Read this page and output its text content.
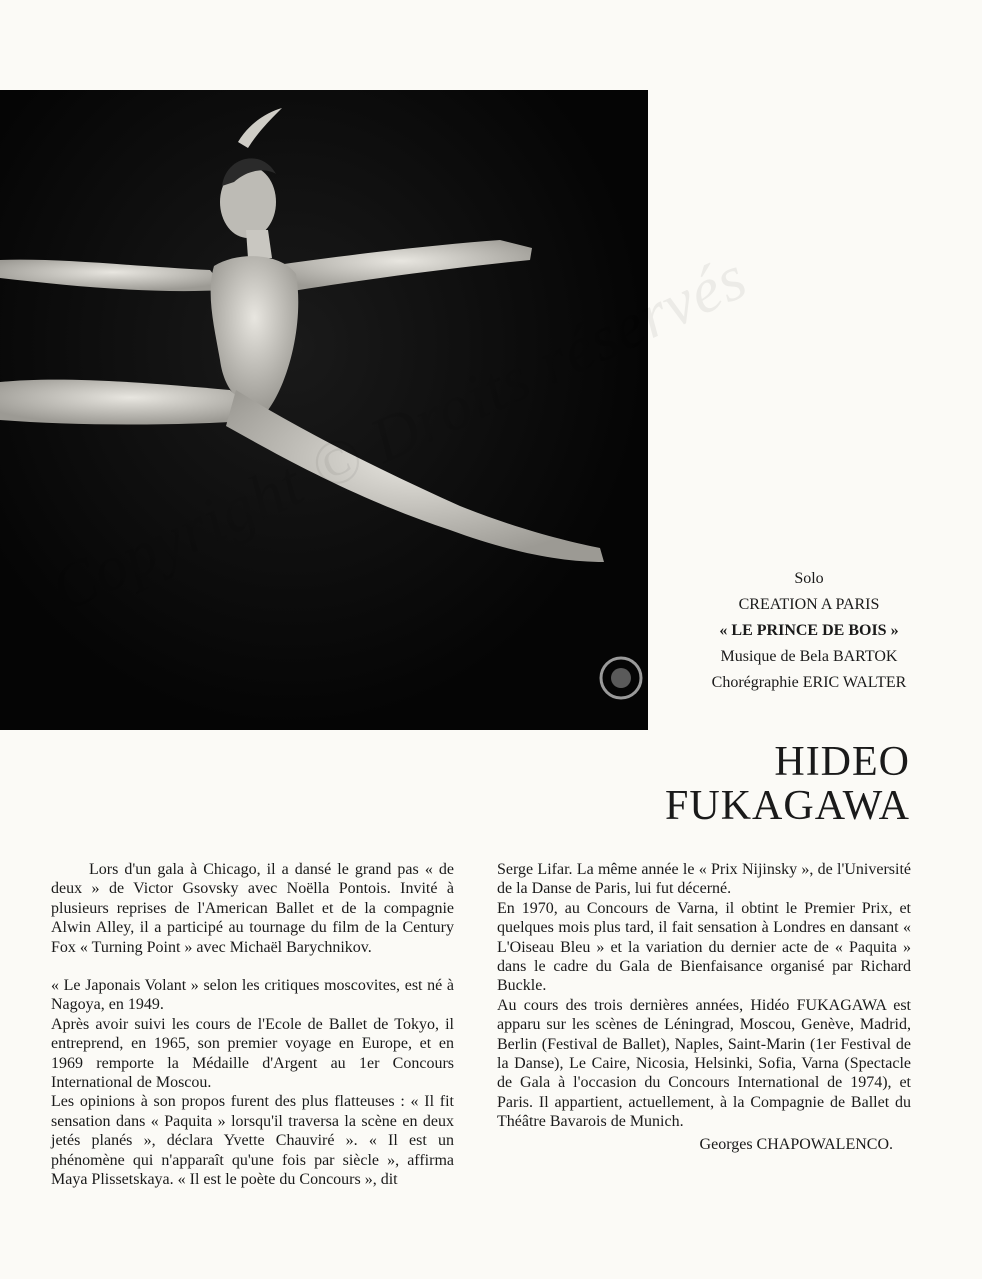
Solo
CREATION A PARIS
« LE PRINCE DE BOIS »
Musique de Bela BARTOK
Chorégraphie ERIC WALTER
HIDEO
FUKAGAWA

Lors d'un gala à Chicago, il a dansé le grand pas « de deux » de Victor Gsovsky avec Noëlla Pontois. Invité à plusieurs reprises de l'American Ballet et de la compagnie Alwin Alley, il a participé au tournage du film de la Century Fox « Turning Point » avec Michaël Barychnikov.

« Le Japonais Volant » selon les critiques moscovites, est né à Nagoya, en 1949.

Après avoir suivi les cours de l'Ecole de Ballet de Tokyo, il entreprend, en 1965, son premier voyage en Europe, et en 1969 remporte la Médaille d'Argent au 1er Concours International de Moscou.

Les opinions à son propos furent des plus flatteuses : « Il fit sensation dans « Paquita » lorsqu'il traversa la scène en deux jetés planés », déclara Yvette Chauviré ». « Il est un phénomène qui n'apparaît qu'une fois par siècle », affirma Maya Plissetskaya. « Il est le poète du Concours », dit

Serge Lifar. La même année le « Prix Nijinsky », de l'Université de la Danse de Paris, lui fut décerné.

En 1970, au Concours de Varna, il obtint le Premier Prix, et quelques mois plus tard, il fait sensation à Londres en dansant « L'Oiseau Bleu » et la variation du dernier acte de « Paquita » dans le cadre du Gala de Bienfaisance organisé par Richard Buckle.

Au cours des trois dernières années, Hidéo FUKAGAWA est apparu sur les scènes de Léningrad, Moscou, Genève, Madrid, Berlin (Festival de Ballet), Naples, Saint-Marin (1er Festival de la Danse), Le Caire, Nicosia, Helsinki, Sofia, Varna (Spectacle de Gala à l'occasion du Concours International de 1974), et Paris. Il appartient, actuellement, à la Compagnie de Ballet du Théâtre Bavarois de Munich.

Georges CHAPOWALENCO.
